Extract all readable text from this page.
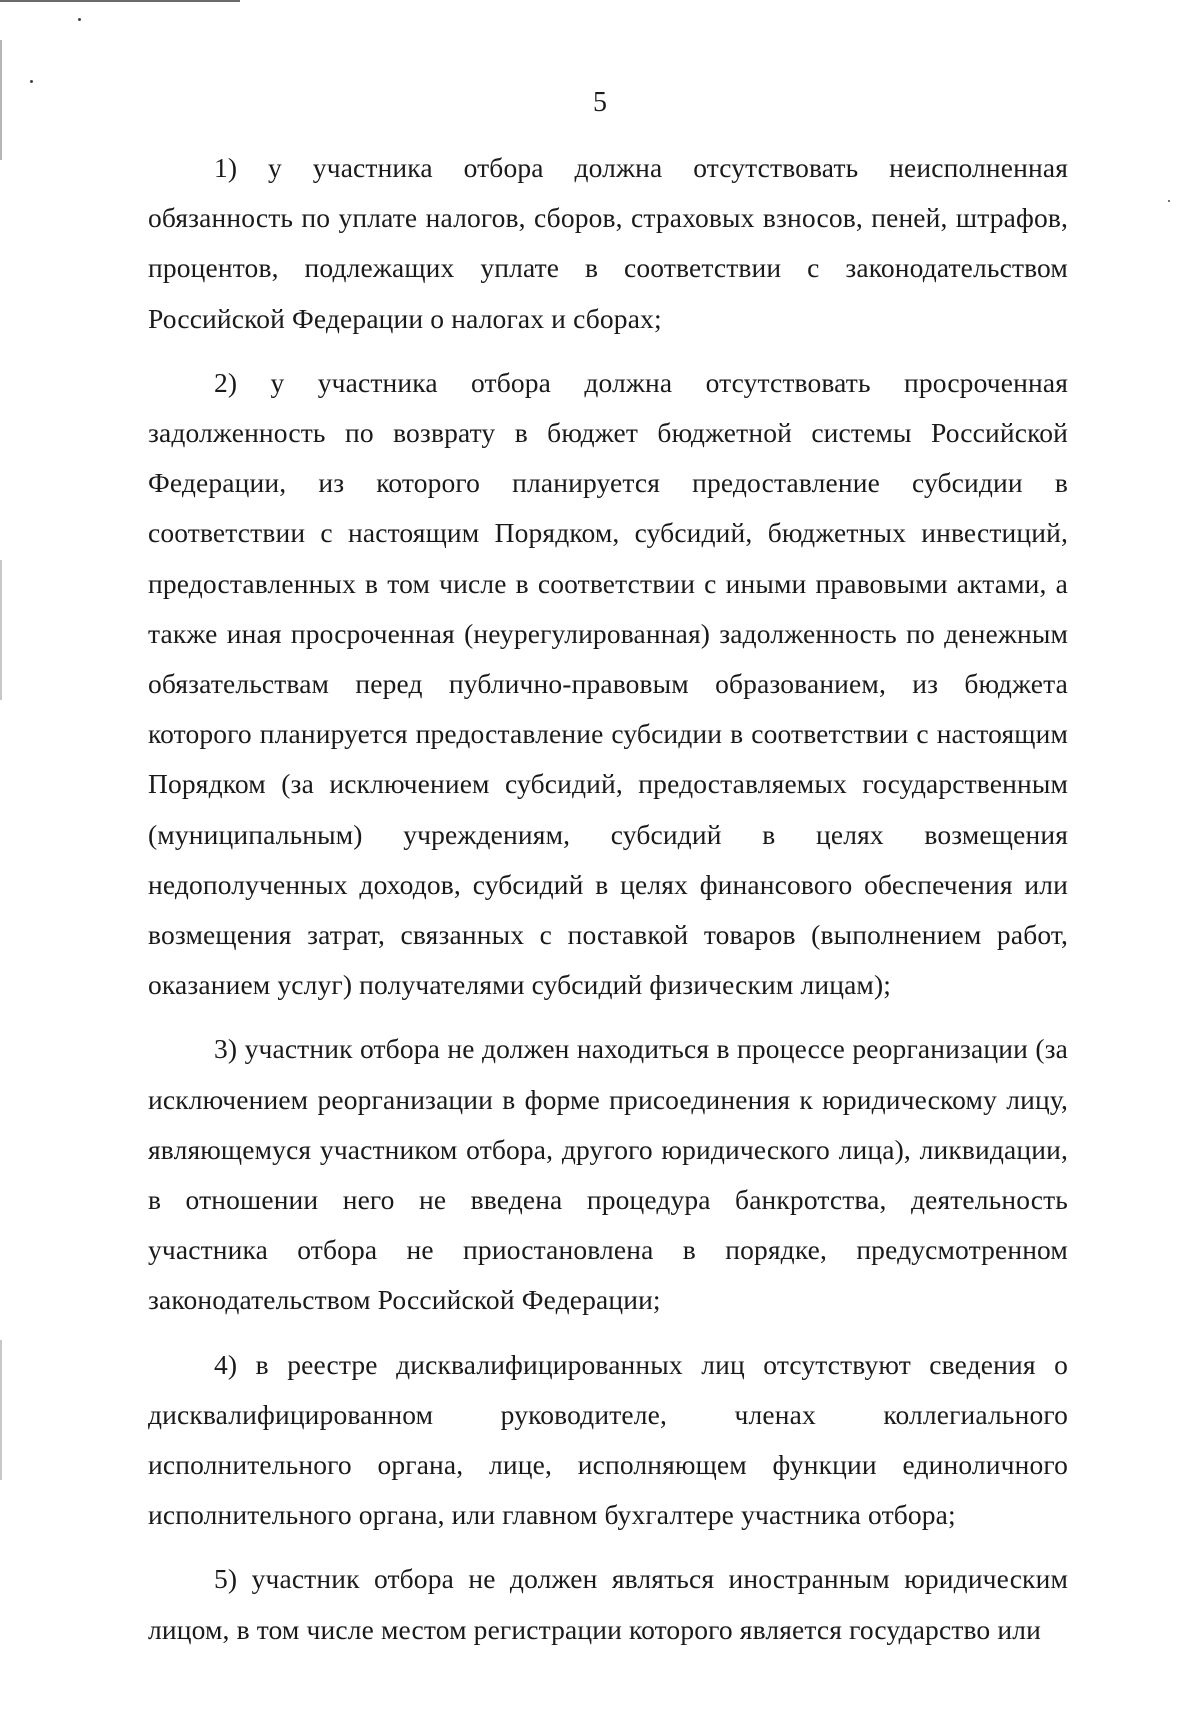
5

1) у участника отбора должна отсутствовать неисполненная обязанность по уплате налогов, сборов, страховых взносов, пеней, штрафов, процентов, подлежащих уплате в соответствии с законодательством Российской Федерации о налогах и сборах;

2) у участника отбора должна отсутствовать просроченная задолженность по возврату в бюджет бюджетной системы Российской Федерации, из которого планируется предоставление субсидии в соответствии с настоящим Порядком, субсидий, бюджетных инвестиций, предоставленных в том числе в соответствии с иными правовыми актами, а также иная просроченная (неурегулированная) задолженность по денежным обязательствам перед публично-правовым образованием, из бюджета которого планируется предоставление субсидии в соответствии с настоящим Порядком (за исключением субсидий, предоставляемых государственным (муниципальным) учреждениям, субсидий в целях возмещения недополученных доходов, субсидий в целях финансового обеспечения или возмещения затрат, связанных с поставкой товаров (выполнением работ, оказанием услуг) получателями субсидий физическим лицам);

3) участник отбора не должен находиться в процессе реорганизации (за исключением реорганизации в форме присоединения к юридическому лицу, являющемуся участником отбора, другого юридического лица), ликвидации, в отношении него не введена процедура банкротства, деятельность участника отбора не приостановлена в порядке, предусмотренном законодательством Российской Федерации;

4) в реестре дисквалифицированных лиц отсутствуют сведения о дисквалифицированном руководителе, членах коллегиального исполнительного органа, лице, исполняющем функции единоличного исполнительного органа, или главном бухгалтере участника отбора;

5) участник отбора не должен являться иностранным юридическим лицом, в том числе местом регистрации которого является государство или
